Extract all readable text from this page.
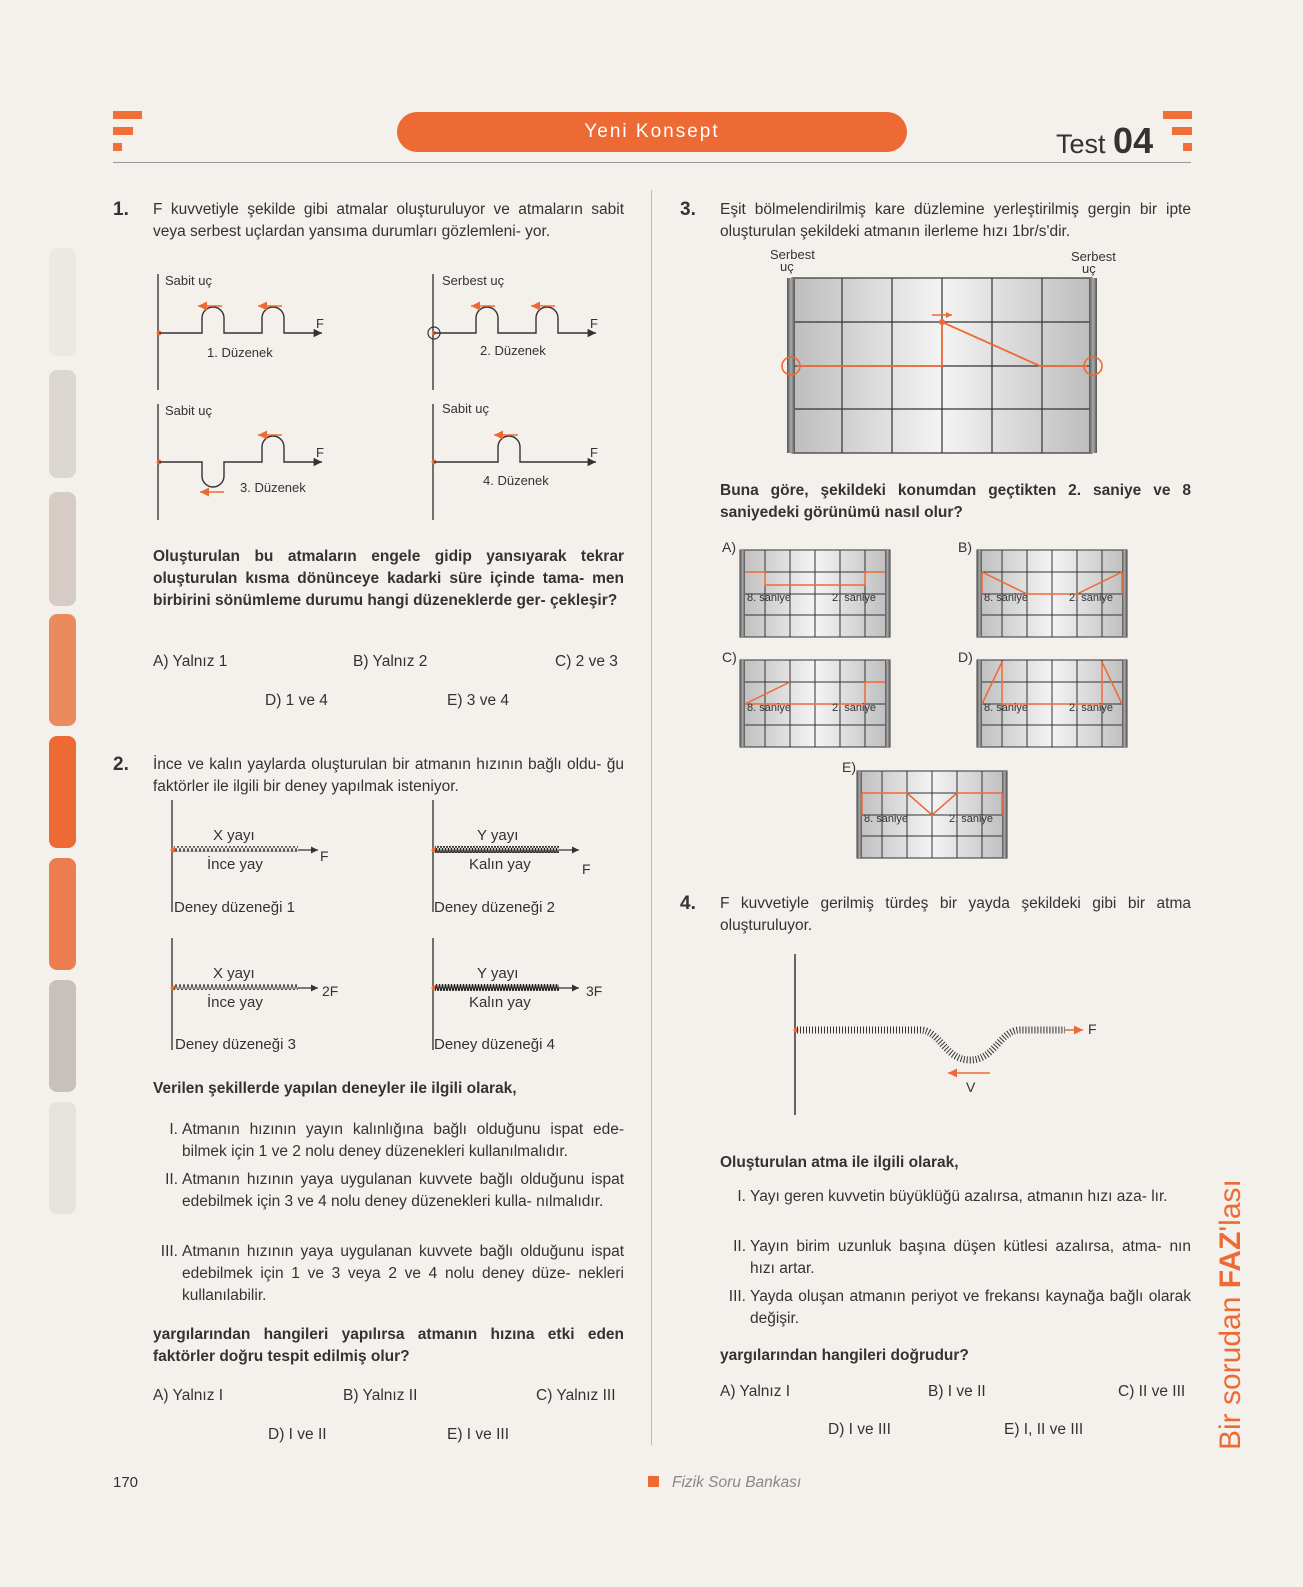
Yeni Konsept	Test 04
1. F kuvvetiyle şekilde gibi atmalar oluşturuluyor ve atmaların sabit veya serbest uçlardan yansıma durumları gözlemleni- yor.
Sabit uç
F
1. Düzenek
Serbest uç
F
2. Düzenek
Sabit uç
F
3. Düzenek
Sabit uç
F
4. Düzenek
Oluşturulan bu atmaların engele gidip yansıyarak tekrar oluşturulan kısma dönünceye kadarki süre içinde tama- men birbirini sönümleme durumu hangi düzeneklerde ger- çekleşir?
A) Yalnız 1	B) Yalnız 2	C) 2 ve 3
D) 1 ve 4	E) 3 ve 4
2. İnce ve kalın yaylarda oluşturulan bir atmanın hızının bağlı oldu- ğu faktörler ile ilgili bir deney yapılmak isteniyor.
X yayı
İnce yay	F
Deney düzeneği 1
Y yayı
Kalın yay	F
Deney düzeneği 2
X yayı
İnce yay
2F
Deney düzeneği 3
Y yayı
Kalın yay
3F
Deney düzeneği 4
Verilen şekillerde yapılan deneyler ile ilgili olarak,
I. Atmanın hızının yayın kalınlığına bağlı olduğunu ispat ede- bilmek için 1 ve 2 nolu deney düzenekleri kullanılmalıdır.
II. Atmanın hızının yaya uygulanan kuvvete bağlı olduğunu ispat edebilmek için 3 ve 4 nolu deney düzenekleri kulla- nılmalıdır.
III. Atmanın hızının yaya uygulanan kuvvete bağlı olduğunu ispat edebilmek için 1 ve 3 veya 2 ve 4 nolu deney düze- nekleri kullanılabilir.
yargılarından hangileri yapılırsa atmanın hızına etki eden faktörler doğru tespit edilmiş olur?
A) Yalnız I	B) Yalnız II	C) Yalnız III
D) I ve II	E) I ve III
3. Eşit bölmelendirilmiş kare düzlemine yerleştirilmiş gergin bir ipte oluşturulan şekildeki atmanın ilerleme hızı 1br/s'dir.
Serbest
uç
Serbest
uç
Buna göre, şekildeki konumdan geçtikten 2. saniye ve 8 saniyedeki görünümü nasıl olur?
A)
8. saniye	2. saniye
B)
8. saniye	2. saniye
C)
8. saniye	2. saniye
D)
8. saniye	2. saniye
E)
8. saniye	2. saniye
4. F kuvvetiyle gerilmiş türdeş bir yayda şekildeki gibi bir atma oluşturuluyor.
F
V
Oluşturulan atma ile ilgili olarak,
I. Yayı geren kuvvetin büyüklüğü azalırsa, atmanın hızı aza- lır.
II. Yayın birim uzunluk başına düşen kütlesi azalırsa, atma- nın hızı artar.
III. Yayda oluşan atmanın periyot ve frekansı kaynağa bağlı olarak değişir.
yargılarından hangileri doğrudur?
A) Yalnız I	B) I ve II	C) II ve III
D) I ve III	E) I, II ve III	Bir sorudan FAZ'lası
170	Fizik Soru Bankası
